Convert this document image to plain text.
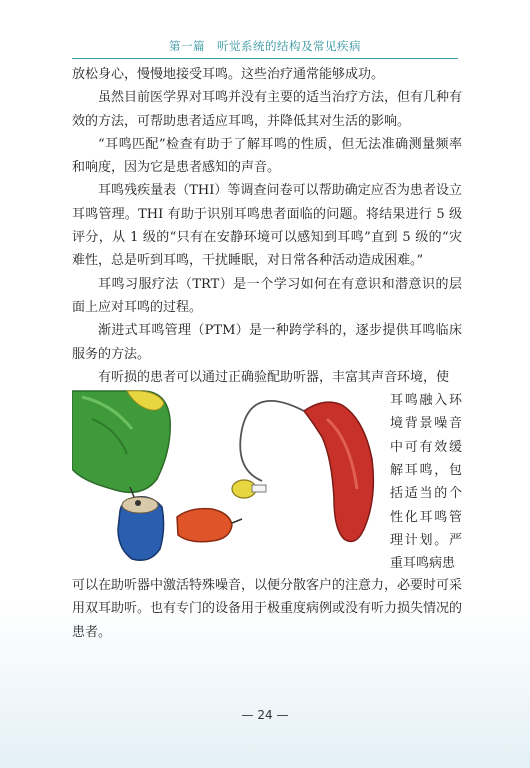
第一篇　听觉系统的结构及常见疾病

放松身心，慢慢地接受耳鸣。这些治疗通常能够成功。

虽然目前医学界对耳鸣并没有主要的适当治疗方法，但有几种有效的方法，可帮助患者适应耳鸣，并降低其对生活的影响。

“耳鸣匹配”检查有助于了解耳鸣的性质，但无法准确测量频率和响度，因为它是患者感知的声音。

耳鸣残疾量表（THI）等调查问卷可以帮助确定应否为患者设立耳鸣管理。THI 有助于识别耳鸣患者面临的问题。将结果进行 5 级评分，从 1 级的“只有在安静环境可以感知到耳鸣”直到 5 级的“灾难性，总是听到耳鸣，干扰睡眠，对日常各种活动造成困难。”

耳鸣习服疗法（TRT）是一个学习如何在有意识和潜意识的层面上应对耳鸣的过程。

渐进式耳鸣管理（PTM）是一种跨学科的，逐步提供耳鸣临床服务的方法。

有听损的患者可以通过正确验配助听器，丰富其声音环境，使

耳鸣融入环境背景噪音中可有效缓解耳鸣，包括适当的个性化耳鸣管理计划。严重耳鸣病患

可以在助听器中激活特殊噪音，以便分散客户的注意力，必要时可采用双耳助听。也有专门的设备用于极重度病例或没有听力损失情况的患者。

— 24 —
